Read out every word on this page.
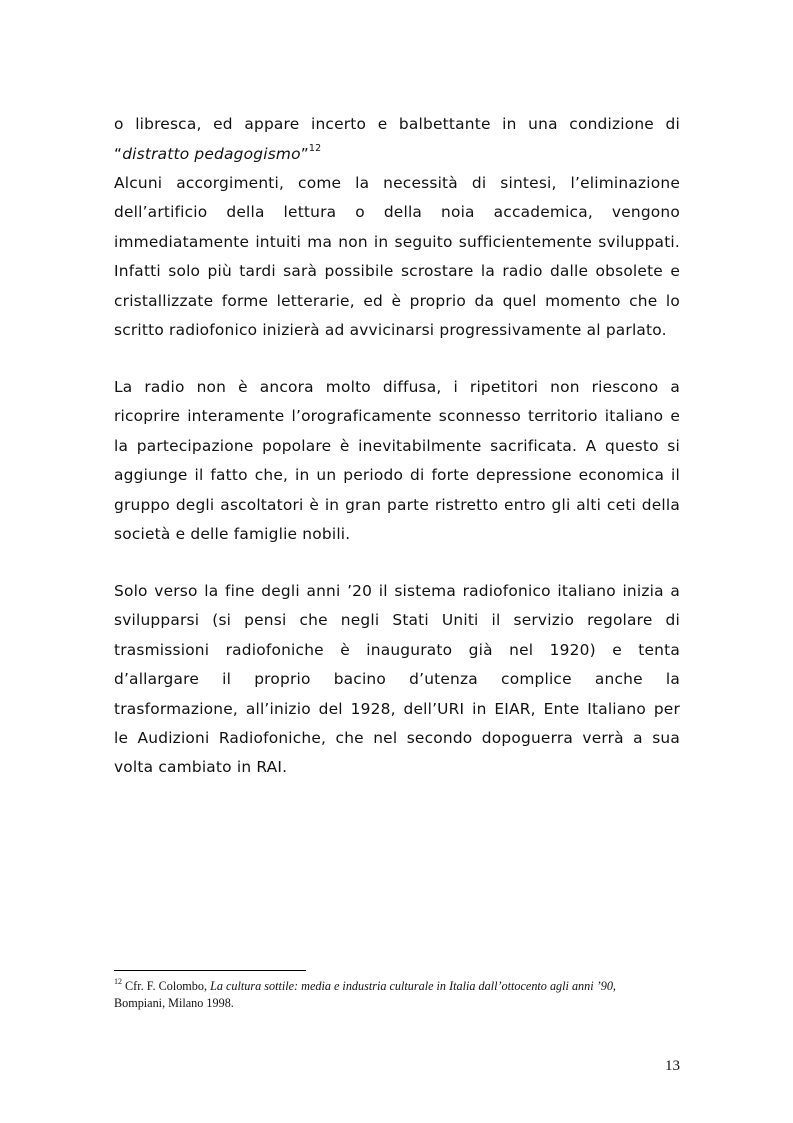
o libresca, ed appare incerto e balbettante in una condizione di
“distratto pedagogismo”$^{12}$
Alcuni accorgimenti, come la necessità di sintesi, l’eliminazione
dell’artificio della lettura o della noia accademica, vengono
immediatamente intuiti ma non in seguito sufficientemente sviluppati.
Infatti solo più tardi sarà possibile scrostare la radio dalle obsolete e
cristallizzate forme letterarie, ed è proprio da quel momento che lo
scritto radiofonico inizierà ad avvicinarsi progressivamente al parlato.
La radio non è ancora molto diffusa, i ripetitori non riescono a
ricoprire interamente l’orograficamente sconnesso territorio italiano e
la partecipazione popolare è inevitabilmente sacrificata. A questo si
aggiunge il fatto che, in un periodo di forte depressione economica il
gruppo degli ascoltatori è in gran parte ristretto entro gli alti ceti della
società e delle famiglie nobili.
Solo verso la fine degli anni ’20 il sistema radiofonico italiano inizia a
svilupparsi (si pensi che negli Stati Uniti il servizio regolare di
trasmissioni radiofoniche è inaugurato già nel 1920) e tenta
d’allargare il proprio bacino d’utenza complice anche la
trasformazione, all’inizio del 1928, dell’URI in EIAR, Ente Italiano per
le Audizioni Radiofoniche, che nel secondo dopoguerra verrà a sua
volta cambiato in RAI.
$^{12}$ Cfr. F. Colombo, La cultura sottile: media e industria culturale in Italia dall’ottocento agli anni ’90,
Bompiani, Milano 1998.
13
